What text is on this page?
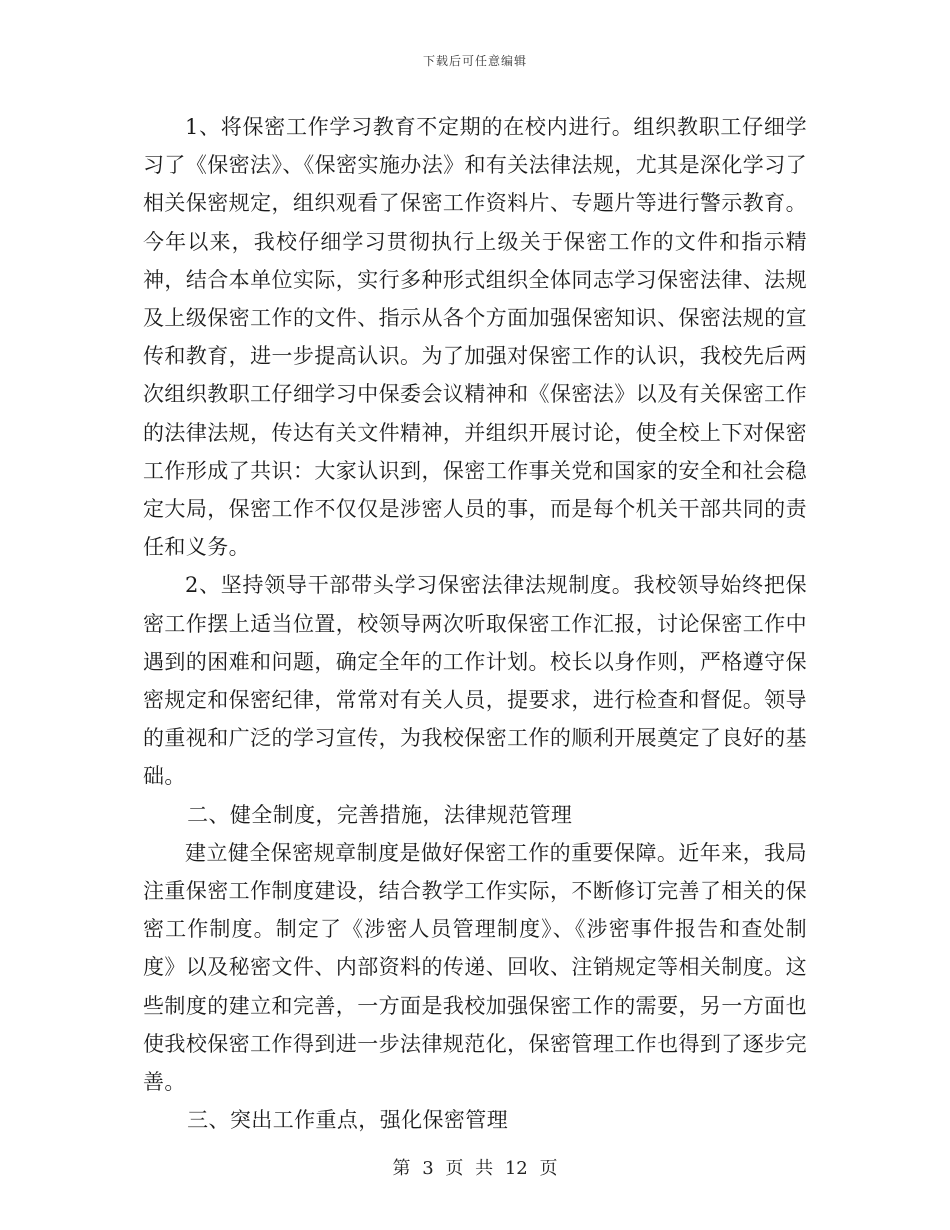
下载后可任意编辑

1、将保密工作学习教育不定期的在校内进行。组织教职工仔细学习了《保密法》、《保密实施办法》和有关法律法规，尤其是深化学习了相关保密规定，组织观看了保密工作资料片、专题片等进行警示教育。今年以来，我校仔细学习贯彻执行上级关于保密工作的文件和指示精神，结合本单位实际，实行多种形式组织全体同志学习保密法律、法规及上级保密工作的文件、指示从各个方面加强保密知识、保密法规的宣传和教育，进一步提高认识。为了加强对保密工作的认识，我校先后两次组织教职工仔细学习中保委会议精神和《保密法》以及有关保密工作的法律法规，传达有关文件精神，并组织开展讨论，使全校上下对保密工作形成了共识：大家认识到，保密工作事关党和国家的安全和社会稳定大局，保密工作不仅仅是涉密人员的事，而是每个机关干部共同的责任和义务。

2、坚持领导干部带头学习保密法律法规制度。我校领导始终把保密工作摆上适当位置，校领导两次听取保密工作汇报，讨论保密工作中遇到的困难和问题，确定全年的工作计划。校长以身作则，严格遵守保密规定和保密纪律，常常对有关人员，提要求，进行检查和督促。领导的重视和广泛的学习宣传，为我校保密工作的顺利开展奠定了良好的基础。

二、健全制度，完善措施，法律规范管理

建立健全保密规章制度是做好保密工作的重要保障。近年来，我局注重保密工作制度建设，结合教学工作实际，不断修订完善了相关的保密工作制度。制定了《涉密人员管理制度》、《涉密事件报告和查处制度》以及秘密文件、内部资料的传递、回收、注销规定等相关制度。这些制度的建立和完善，一方面是我校加强保密工作的需要，另一方面也使我校保密工作得到进一步法律规范化，保密管理工作也得到了逐步完善。

三、突出工作重点，强化保密管理

第 3 页 共 12 页
